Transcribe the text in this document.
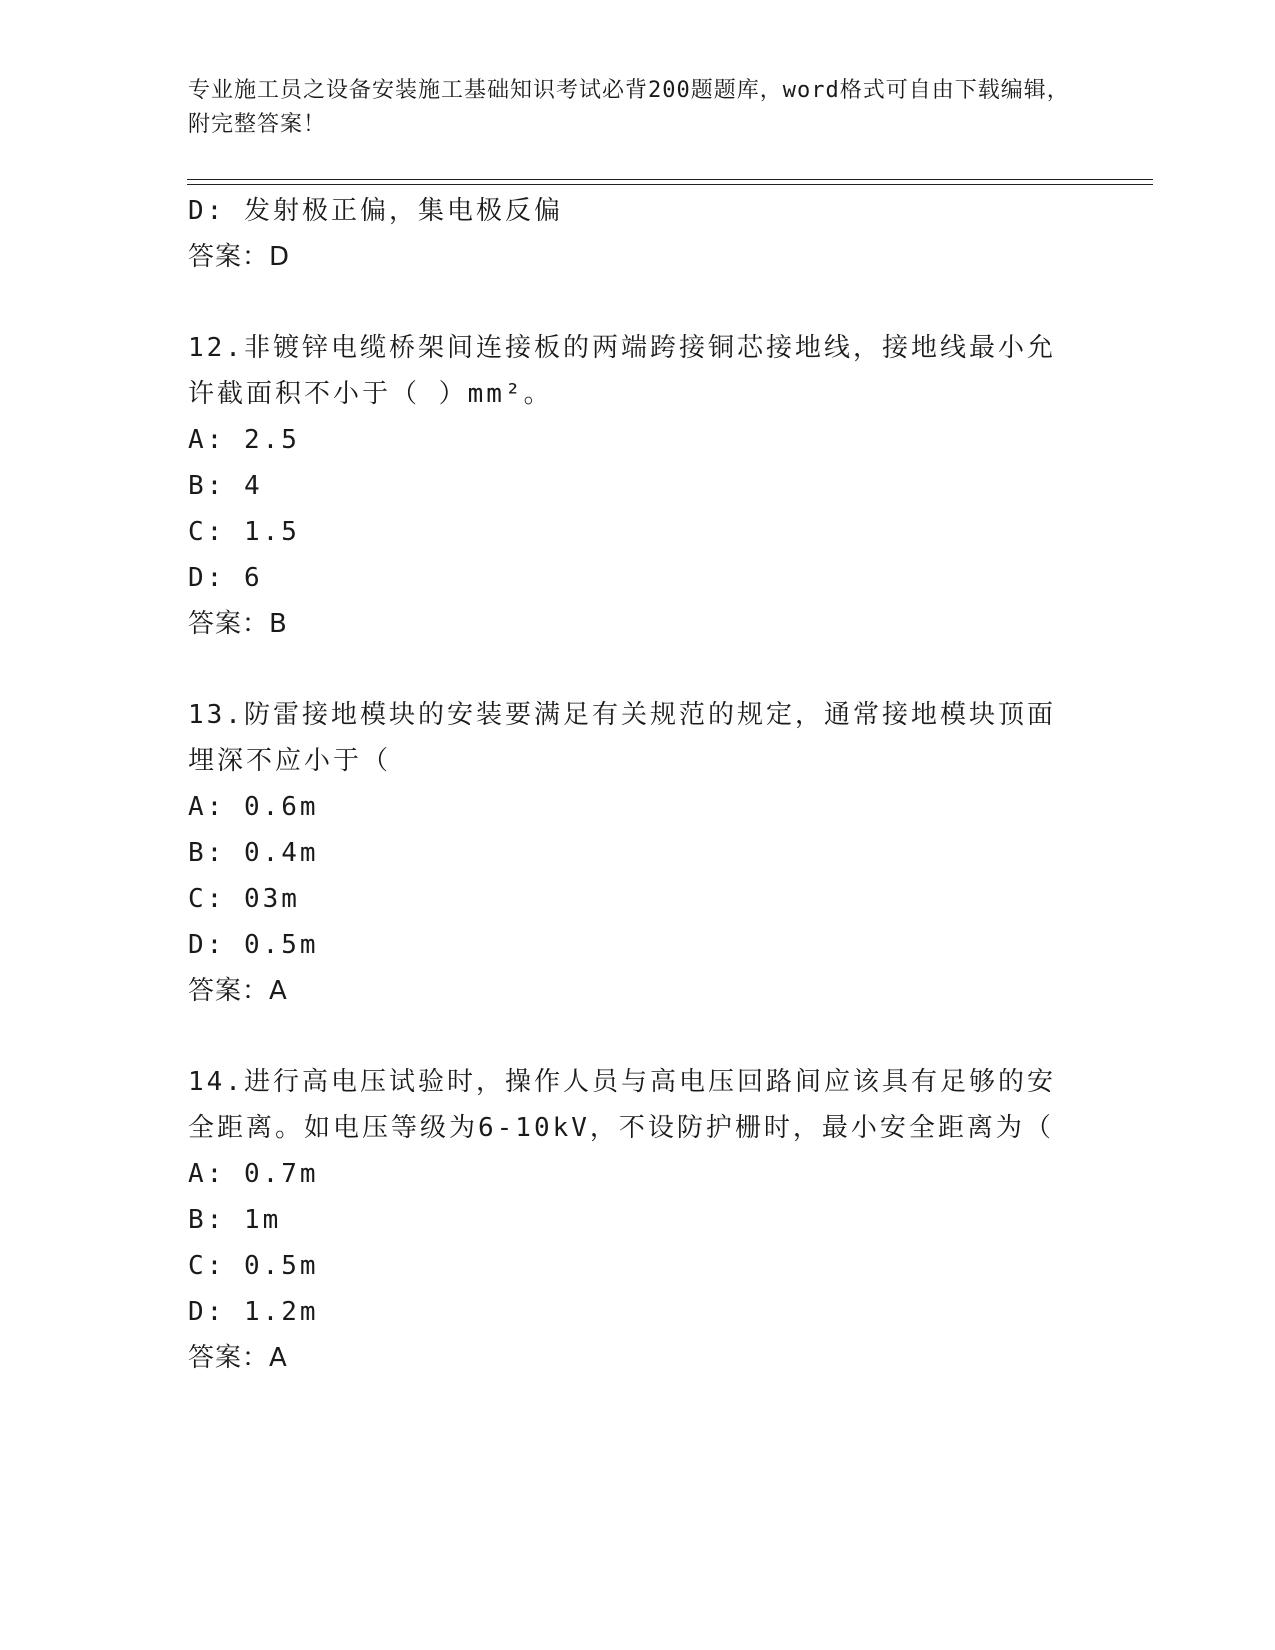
专业施工员之设备安装施工基础知识考试必背200题题库，word格式可自由下载编辑，附完整答案！
D: 发射极正偏，集电极反偏
答案：D
12.非镀锌电缆桥架间连接板的两端跨接铜芯接地线，接地线最小允许截面积不小于（ ）mm²。
A: 2.5
B: 4
C: 1.5
D: 6
答案：B
13.防雷接地模块的安装要满足有关规范的规定，通常接地模块顶面埋深不应小于（
A: 0.6m
B: 0.4m
C: 03m
D: 0.5m
答案：A
14.进行高电压试验时，操作人员与高电压回路间应该具有足够的安全距离。如电压等级为6-10kV，不设防护栅时，最小安全距离为（
A: 0.7m
B: 1m
C: 0.5m
D: 1.2m
答案：A
